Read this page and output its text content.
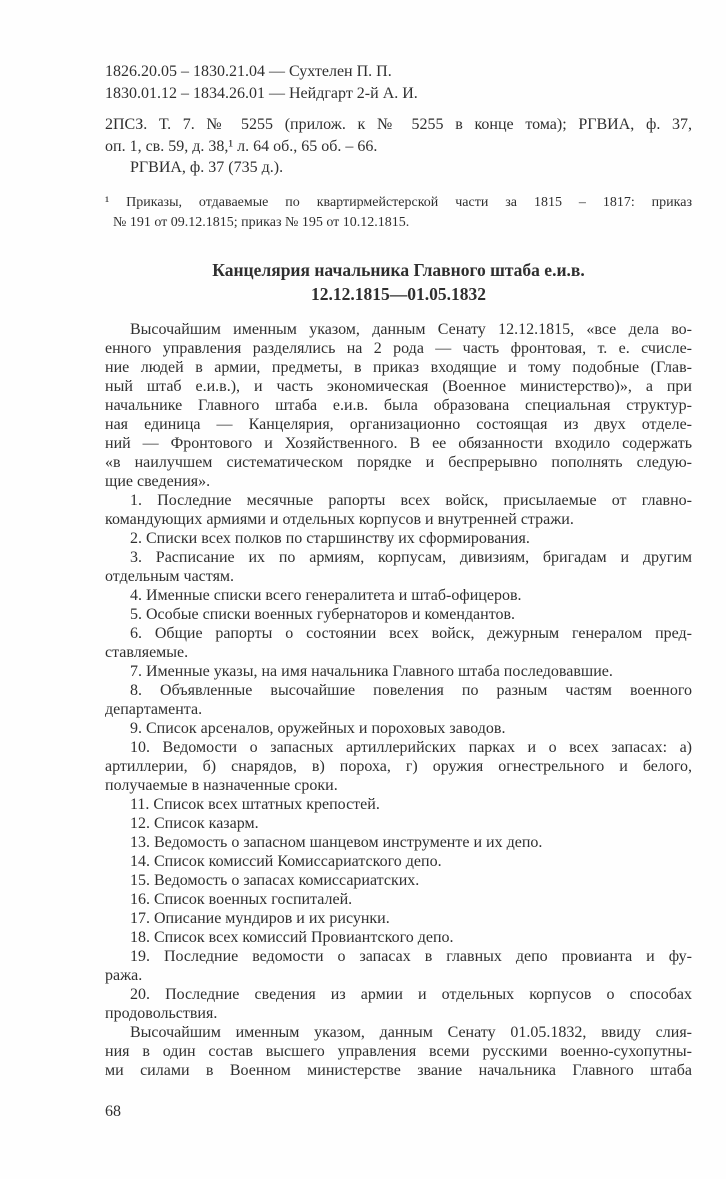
1826.20.05 – 1830.21.04 — Сухтелен П. П.
1830.01.12 – 1834.26.01 — Нейдгарт 2-й А. И.
2ПСЗ. Т. 7. № 5255 (прилож. к № 5255 в конце тома); РГВИА, ф. 37,
оп. 1, св. 59, д. 38,¹ л. 64 об., 65 об. – 66.
РГВИА, ф. 37 (735 д.).
¹ Приказы, отдаваемые по квартирмейстерской части за 1815 – 1817: приказ
№ 191 от 09.12.1815; приказ № 195 от 10.12.1815.
Канцелярия начальника Главного штаба е.и.в.
12.12.1815—01.05.1832
Высочайшим именным указом, данным Сенату 12.12.1815, «все дела во-
енного управления разделялись на 2 рода — часть фронтовая, т. е. счисле-
ние людей в армии, предметы, в приказ входящие и тому подобные (Глав-
ный штаб е.и.в.), и часть экономическая (Военное министерство)», а при
начальнике Главного штаба е.и.в. была образована специальная структур-
ная единица — Канцелярия, организационно состоящая из двух отделе-
ний — Фронтового и Хозяйственного. В ее обязанности входило содержать
«в наилучшем систематическом порядке и беспрерывно пополнять следую-
щие сведения».
1. Последние месячные рапорты всех войск, присылаемые от главно-
командующих армиями и отдельных корпусов и внутренней стражи.
2. Списки всех полков по старшинству их сформирования.
3. Расписание их по армиям, корпусам, дивизиям, бригадам и другим
отдельным частям.
4. Именные списки всего генералитета и штаб-офицеров.
5. Особые списки военных губернаторов и комендантов.
6. Общие рапорты о состоянии всех войск, дежурным генералом пред-
ставляемые.
7. Именные указы, на имя начальника Главного штаба последовавшие.
8. Объявленные высочайшие повеления по разным частям военного
департамента.
9. Список арсеналов, оружейных и пороховых заводов.
10. Ведомости о запасных артиллерийских парках и о всех запасах: а)
артиллерии, б) снарядов, в) пороха, г) оружия огнестрельного и белого,
получаемые в назначенные сроки.
11. Список всех штатных крепостей.
12. Список казарм.
13. Ведомость о запасном шанцевом инструменте и их депо.
14. Список комиссий Комиссариатского депо.
15. Ведомость о запасах комиссариатских.
16. Список военных госпиталей.
17. Описание мундиров и их рисунки.
18. Список всех комиссий Провиантского депо.
19. Последние ведомости о запасах в главных депо провианта и фу-
ража.
20. Последние сведения из армии и отдельных корпусов о способах
продовольствия.
Высочайшим именным указом, данным Сенату 01.05.1832, ввиду слия-
ния в один состав высшего управления всеми русскими военно-сухопутны-
ми силами в Военном министерстве звание начальника Главного штаба
68
